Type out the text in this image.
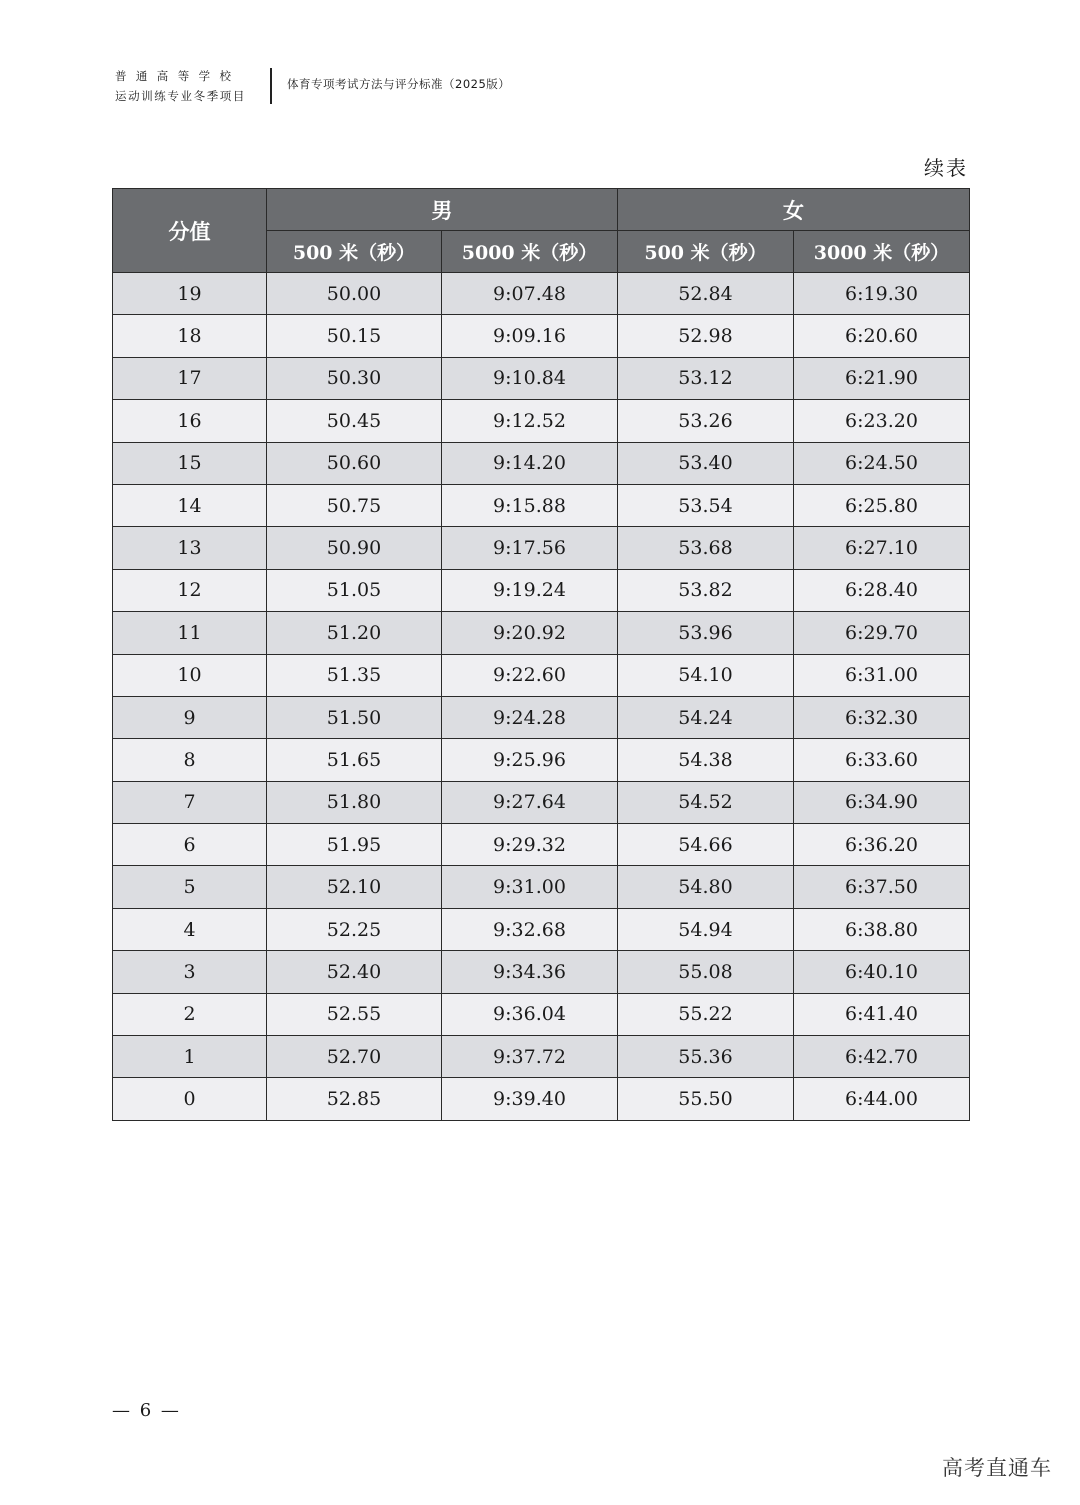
普通高等学校
运动训练专业冬季项目
体育专项考试方法与评分标准（2025版）
续表
分值	男		女	
	500 米（秒）	5000 米（秒）	500 米（秒）	3000 米（秒）
19	50.00	9:07.48	52.84	6:19.30
18	50.15	9:09.16	52.98	6:20.60
17	50.30	9:10.84	53.12	6:21.90
16	50.45	9:12.52	53.26	6:23.20
15	50.60	9:14.20	53.40	6:24.50
14	50.75	9:15.88	53.54	6:25.80
13	50.90	9:17.56	53.68	6:27.10
12	51.05	9:19.24	53.82	6:28.40
11	51.20	9:20.92	53.96	6:29.70
10	51.35	9:22.60	54.10	6:31.00
9	51.50	9:24.28	54.24	6:32.30
8	51.65	9:25.96	54.38	6:33.60
7	51.80	9:27.64	54.52	6:34.90
6	51.95	9:29.32	54.66	6:36.20
5	52.10	9:31.00	54.80	6:37.50
4	52.25	9:32.68	54.94	6:38.80
3	52.40	9:34.36	55.08	6:40.10
2	52.55	9:36.04	55.22	6:41.40
1	52.70	9:37.72	55.36	6:42.70
0	52.85	9:39.40	55.50	6:44.00
— 6 —
高考直通车
